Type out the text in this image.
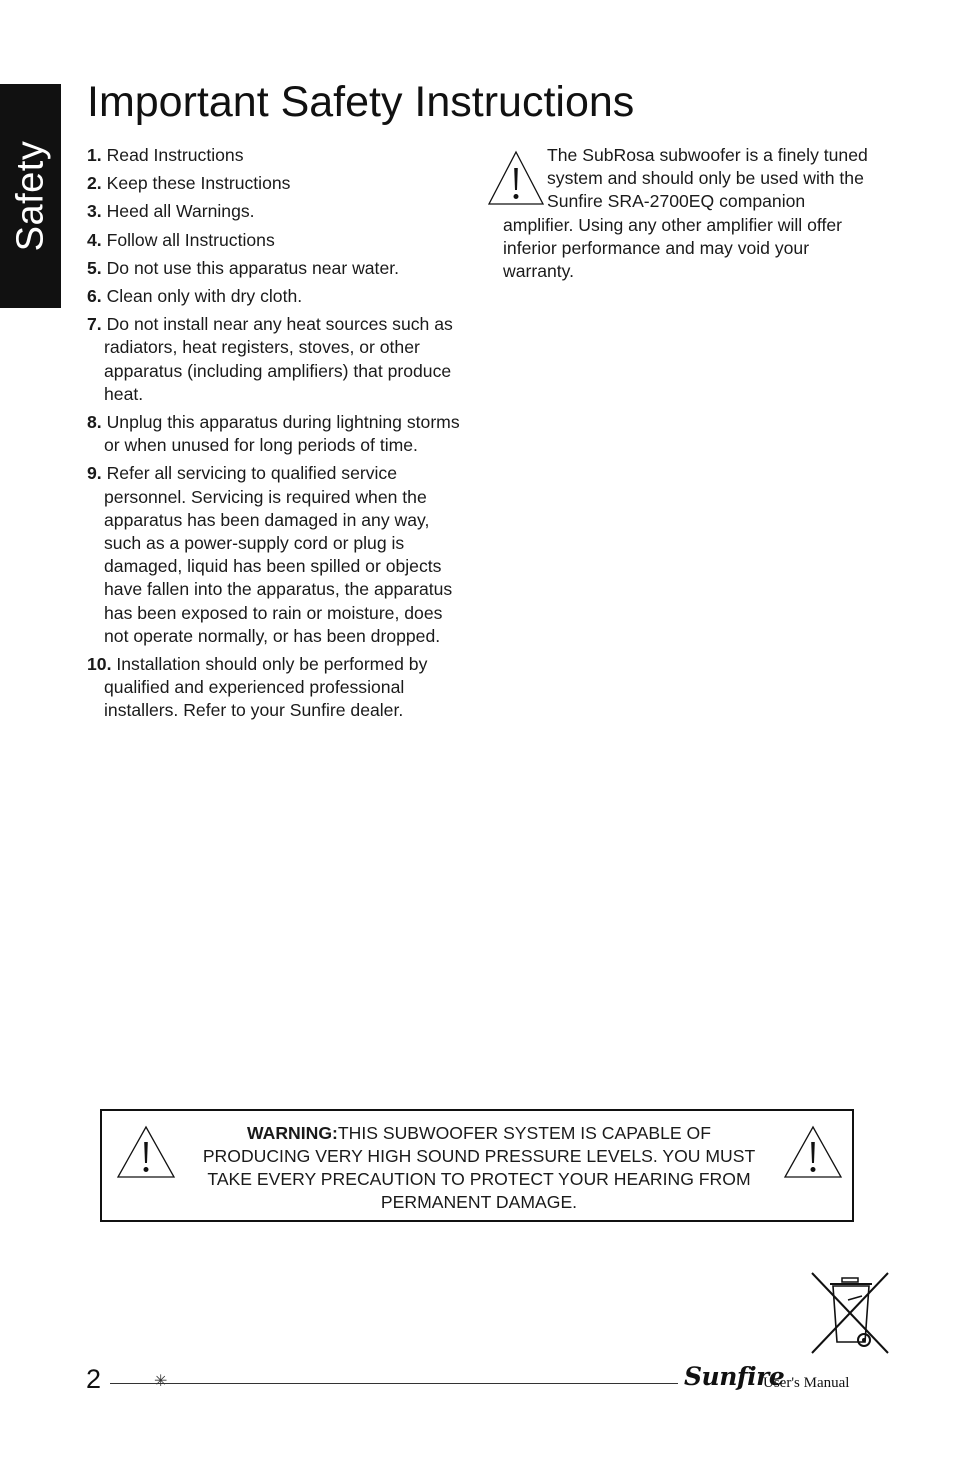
Safety
Important Safety Instructions
1. Read Instructions
2. Keep these Instructions
3. Heed all Warnings.
4. Follow all Instructions
5. Do not use this apparatus near water.
6. Clean only with dry cloth.
7. Do not install near any heat sources such as radiators, heat registers, stoves, or other apparatus (including amplifiers) that produce heat.
8. Unplug this apparatus during lightning storms or when unused for long periods of time.
9. Refer all servicing to qualified service personnel. Servicing is required when the apparatus has been damaged in any way, such as a power-supply cord or plug is damaged, liquid has been spilled or objects have fallen into the apparatus, the apparatus has been exposed to rain or moisture, does not operate normally, or has been dropped.
10. Installation should only be performed by qualified and experienced professional installers. Refer to your Sunfire dealer.
The SubRosa subwoofer is a finely tuned system and should only be used with the Sunfire SRA-2700EQ companion amplifier. Using any other amplifier will offer inferior performance and may void your warranty.

WARNING:THIS SUBWOOFER SYSTEM IS CAPABLE OF PRODUCING VERY HIGH SOUND PRESSURE LEVELS. YOU MUST TAKE EVERY PRECAUTION TO PROTECT YOUR HEARING FROM PERMANENT DAMAGE.

2	✳	Sunfire
User's Manual
